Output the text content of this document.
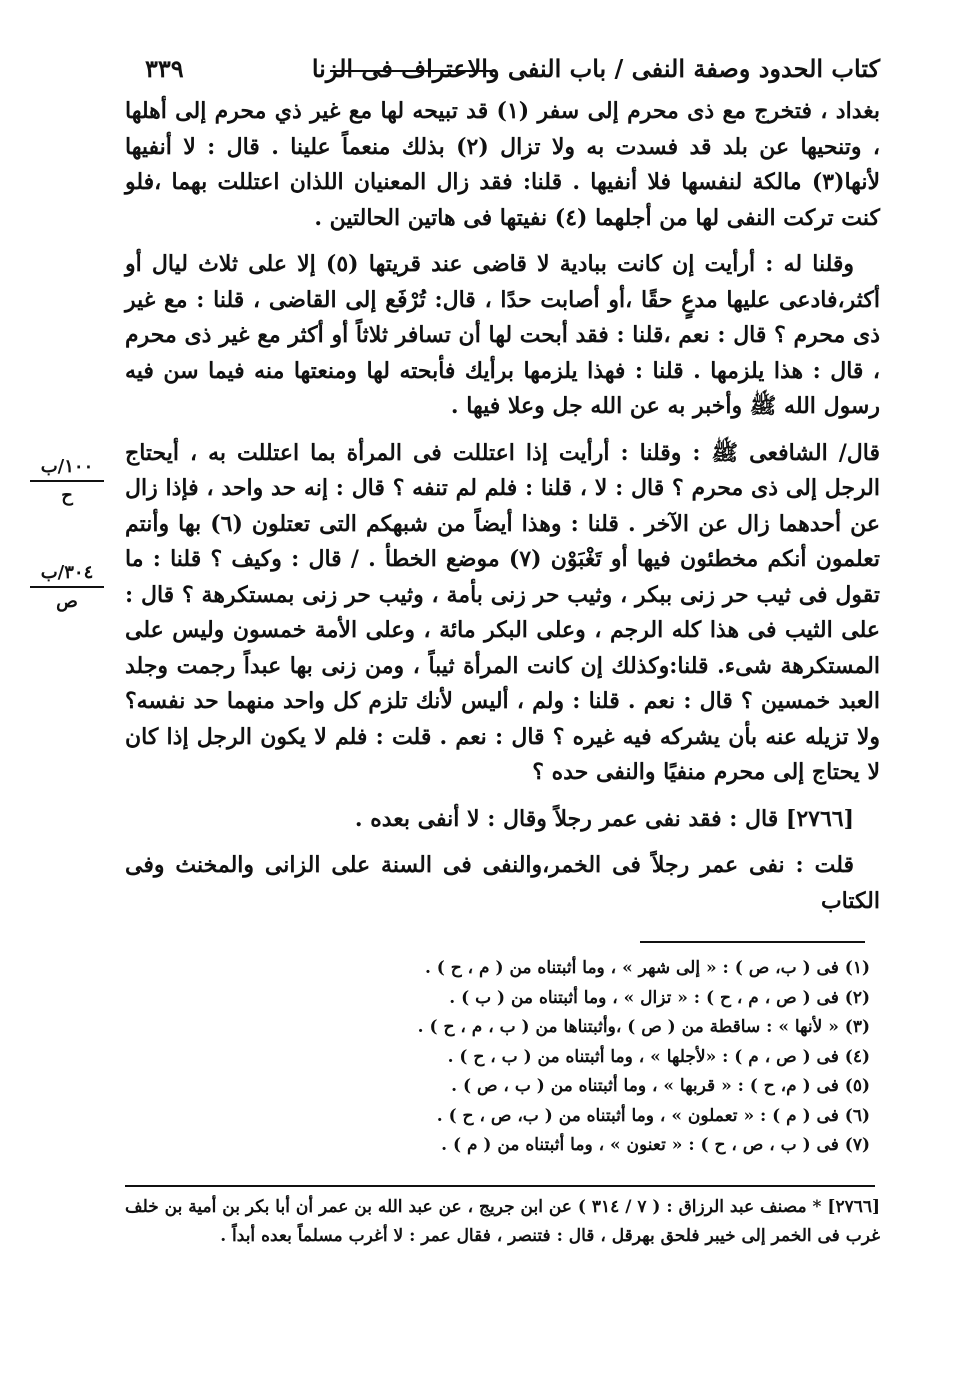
كتاب الحدود وصفة النفى / باب النفى والاعتراف فى الزنا
٣٣٩

بغداد ، فتخرج مع ذى محرم إلى سفر (١) قد تبيحه لها مع غير ذي محرم إلى أهلها ، وتنحيها عن بلد قد فسدت به ولا تزال (٢) بذلك منعماً علينا . قال : لا أنفيها لأنها(٣) مالكة لنفسها فلا أنفيها . قلنا: فقد زال المعنيان اللذان اعتللت بهما ،فلو كنت تركت النفى لها من أجلهما (٤) نفيتها فى هاتين الحالتين .

وقلنا له : أرأيت إن كانت ببادية لا قاضى عند قريتها (٥) إلا على ثلاث ليال أو أكثر،فادعى عليها مدعٍ حقًا ،أو أصابت حدًا ، قال: تُرْفَع إلى القاضى ، قلنا : مع غير ذى محرم ؟ قال : نعم ،قلنا : فقد أبحت لها أن تسافر ثلاثاً أو أكثر مع غير ذى محرم ، قال : هذا يلزمها . قلنا : فهذا يلزمها برأيك فأبحته لها ومنعتها منه فيما سن فيه رسول الله ﷺ وأخبر به عن الله جل وعلا فيها .

قال/ الشافعى ﷺ : وقلنا : أرأيت إذا اعتللت فى المرأة بما اعتللت به ، أيحتاج الرجل إلى ذى محرم ؟ قال : لا ، قلنا : فلم لم تنفه ؟ قال : إنه حد واحد ، فإذا زال عن أحدهما زال عن الآخر . قلنا : وهذا أيضاً من شبهكم التى تعتلون (٦) بها وأنتم تعلمون أنكم مخطئون فيها أو تَغْبَوْن (٧) موضع الخطأ . / قال : وكيف ؟ قلنا : ما تقول فى ثيب حر زنى ببكر ، وثيب حر زنى بأمة ، وثيب حر زنى بمستكرهة ؟ قال : على الثيب فى هذا كله الرجم ، وعلى البكر مائة ، وعلى الأمة خمسون وليس على المستكرهة شىء. قلنا:وكذلك إن كانت المرأة ثيباً ، ومن زنى بها عبداً رجمت وجلد العبد خمسين ؟ قال : نعم . قلنا : ولم ، أليس لأنك تلزم كل واحد منهما حد نفسه؟ ولا تزيله عنه بأن يشركه فيه غيره ؟ قال : نعم . قلت : فلم لا يكون الرجل إذا كان لا يحتاج إلى محرم منفيًا والنفى حده ؟

[٢٧٦٦] قال : فقد نفى عمر رجلاً وقال : لا أنفى بعده .

قلت : نفى عمر رجلاً فى الخمر،والنفى فى السنة على الزانى والمخنث وفى الكتاب

١٠٠/ب
ح
٣٠٤/ب
ص
(١) فى ( ب، ص ) : « إلى شهر » ، وما أثبتناه من ( م ، ح ) .
(٢) فى ( ص ، م ، ح ) : « تزال » ، وما أثبتناه من ( ب ) .
(٣) « لأنها » : ساقطة من ( ص ) ،وأثبتناها من ( ب ، م ، ح ) .
(٤) فى ( ص ، م ) : «لأجلها » ، وما أثبتناه من ( ب ، ح ) .
(٥) فى ( م، ح ) : « قربها » ، وما أثبتناه من ( ب ، ص ) .
(٦) فى ( م ) : « تعملون » ، وما أثبتناه من ( ب، ص ، ح ) .
(٧) فى ( ب ، ص ، ح ) : « تعنون » ، وما أثبتناه من ( م ) .
[٢٧٦٦] * مصنف عبد الرزاق : ( ٧ / ٣١٤ ) عن ابن جريج ، عن عبد الله بن عمر أن أبا بكر بن أمية بن خلف غرب فى الخمر إلى خيبر فلحق بهرقل ، قال : فتنصر ، فقال عمر : لا أغرب مسلماً بعده أبداً .
